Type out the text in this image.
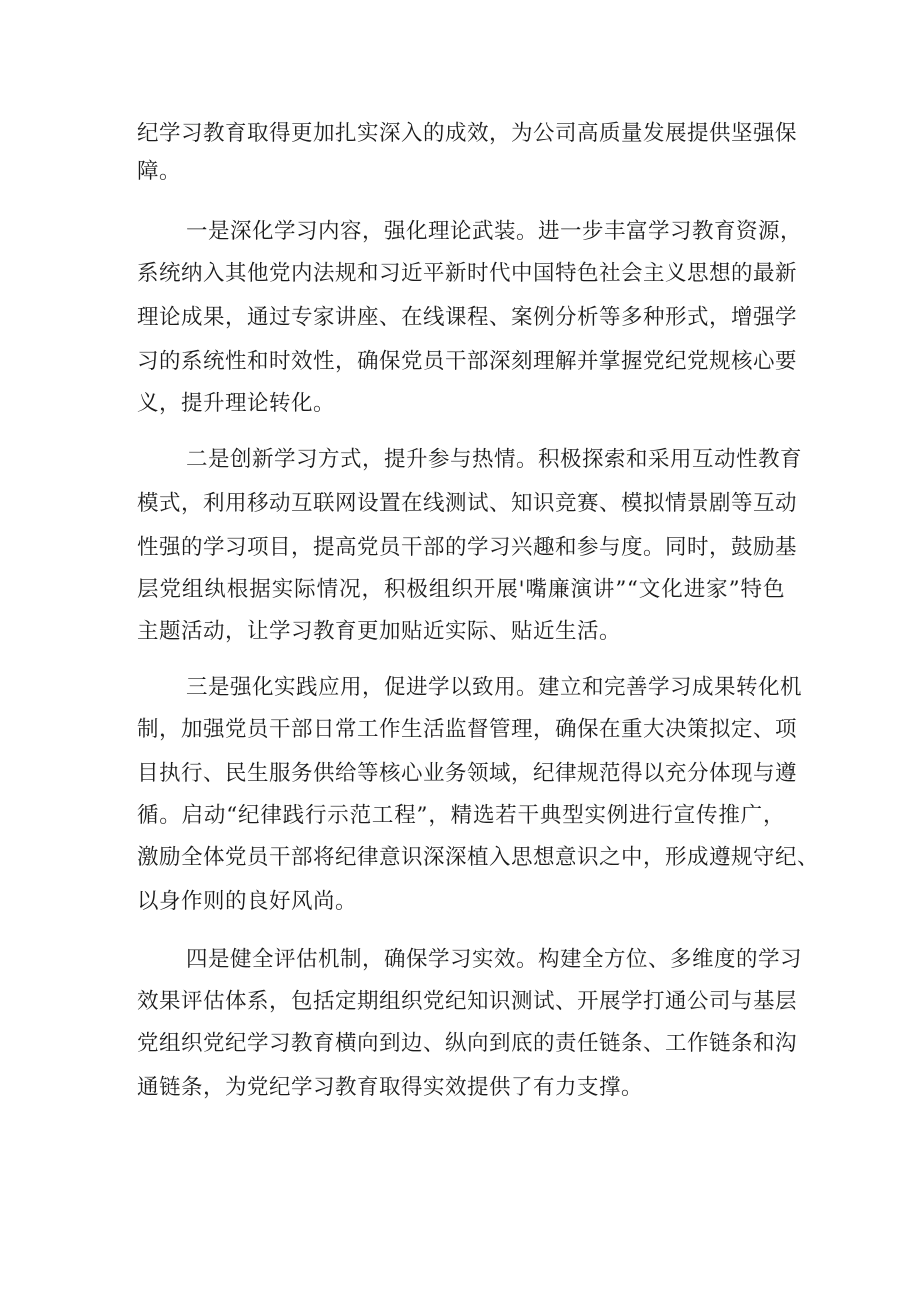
纪学习教育取得更加扎实深入的成效，为公司高质量发展提供坚强保
障。
一是深化学习内容，强化理论武装。进一步丰富学习教育资源，
系统纳入其他党内法规和习近平新时代中国特色社会主义思想的最新
理论成果，通过专家讲座、在线课程、案例分析等多种形式，增强学
习的系统性和时效性，确保党员干部深刻理解并掌握党纪党规核心要
义，提升理论转化。
二是创新学习方式，提升参与热情。积极探索和采用互动性教育
模式，利用移动互联网设置在线测试、知识竞赛、模拟情景剧等互动
性强的学习项目，提高党员干部的学习兴趣和参与度。同时，鼓励基
层党组纨根据实际情况，积极组织开展'嘴廉演讲”“文化进家”特色
主题活动，让学习教育更加贴近实际、贴近生活。
三是强化实践应用，促进学以致用。建立和完善学习成果转化机
制，加强党员干部日常工作生活监督管理，确保在重大决策拟定、项
目执行、民生服务供给等核心业务领域，纪律规范得以充分体现与遵
循。启动“纪律践行示范工程”，精选若干典型实例进行宣传推广，
激励全体党员干部将纪律意识深深植入思想意识之中，形成遵规守纪、
以身作则的良好风尚。
四是健全评估机制，确保学习实效。构建全方位、多维度的学习
效果评估体系，包括定期组织党纪知识测试、开展学打通公司与基层
党组织党纪学习教育横向到边、纵向到底的责任链条、工作链条和沟
通链条，为党纪学习教育取得实效提供了有力支撑。
